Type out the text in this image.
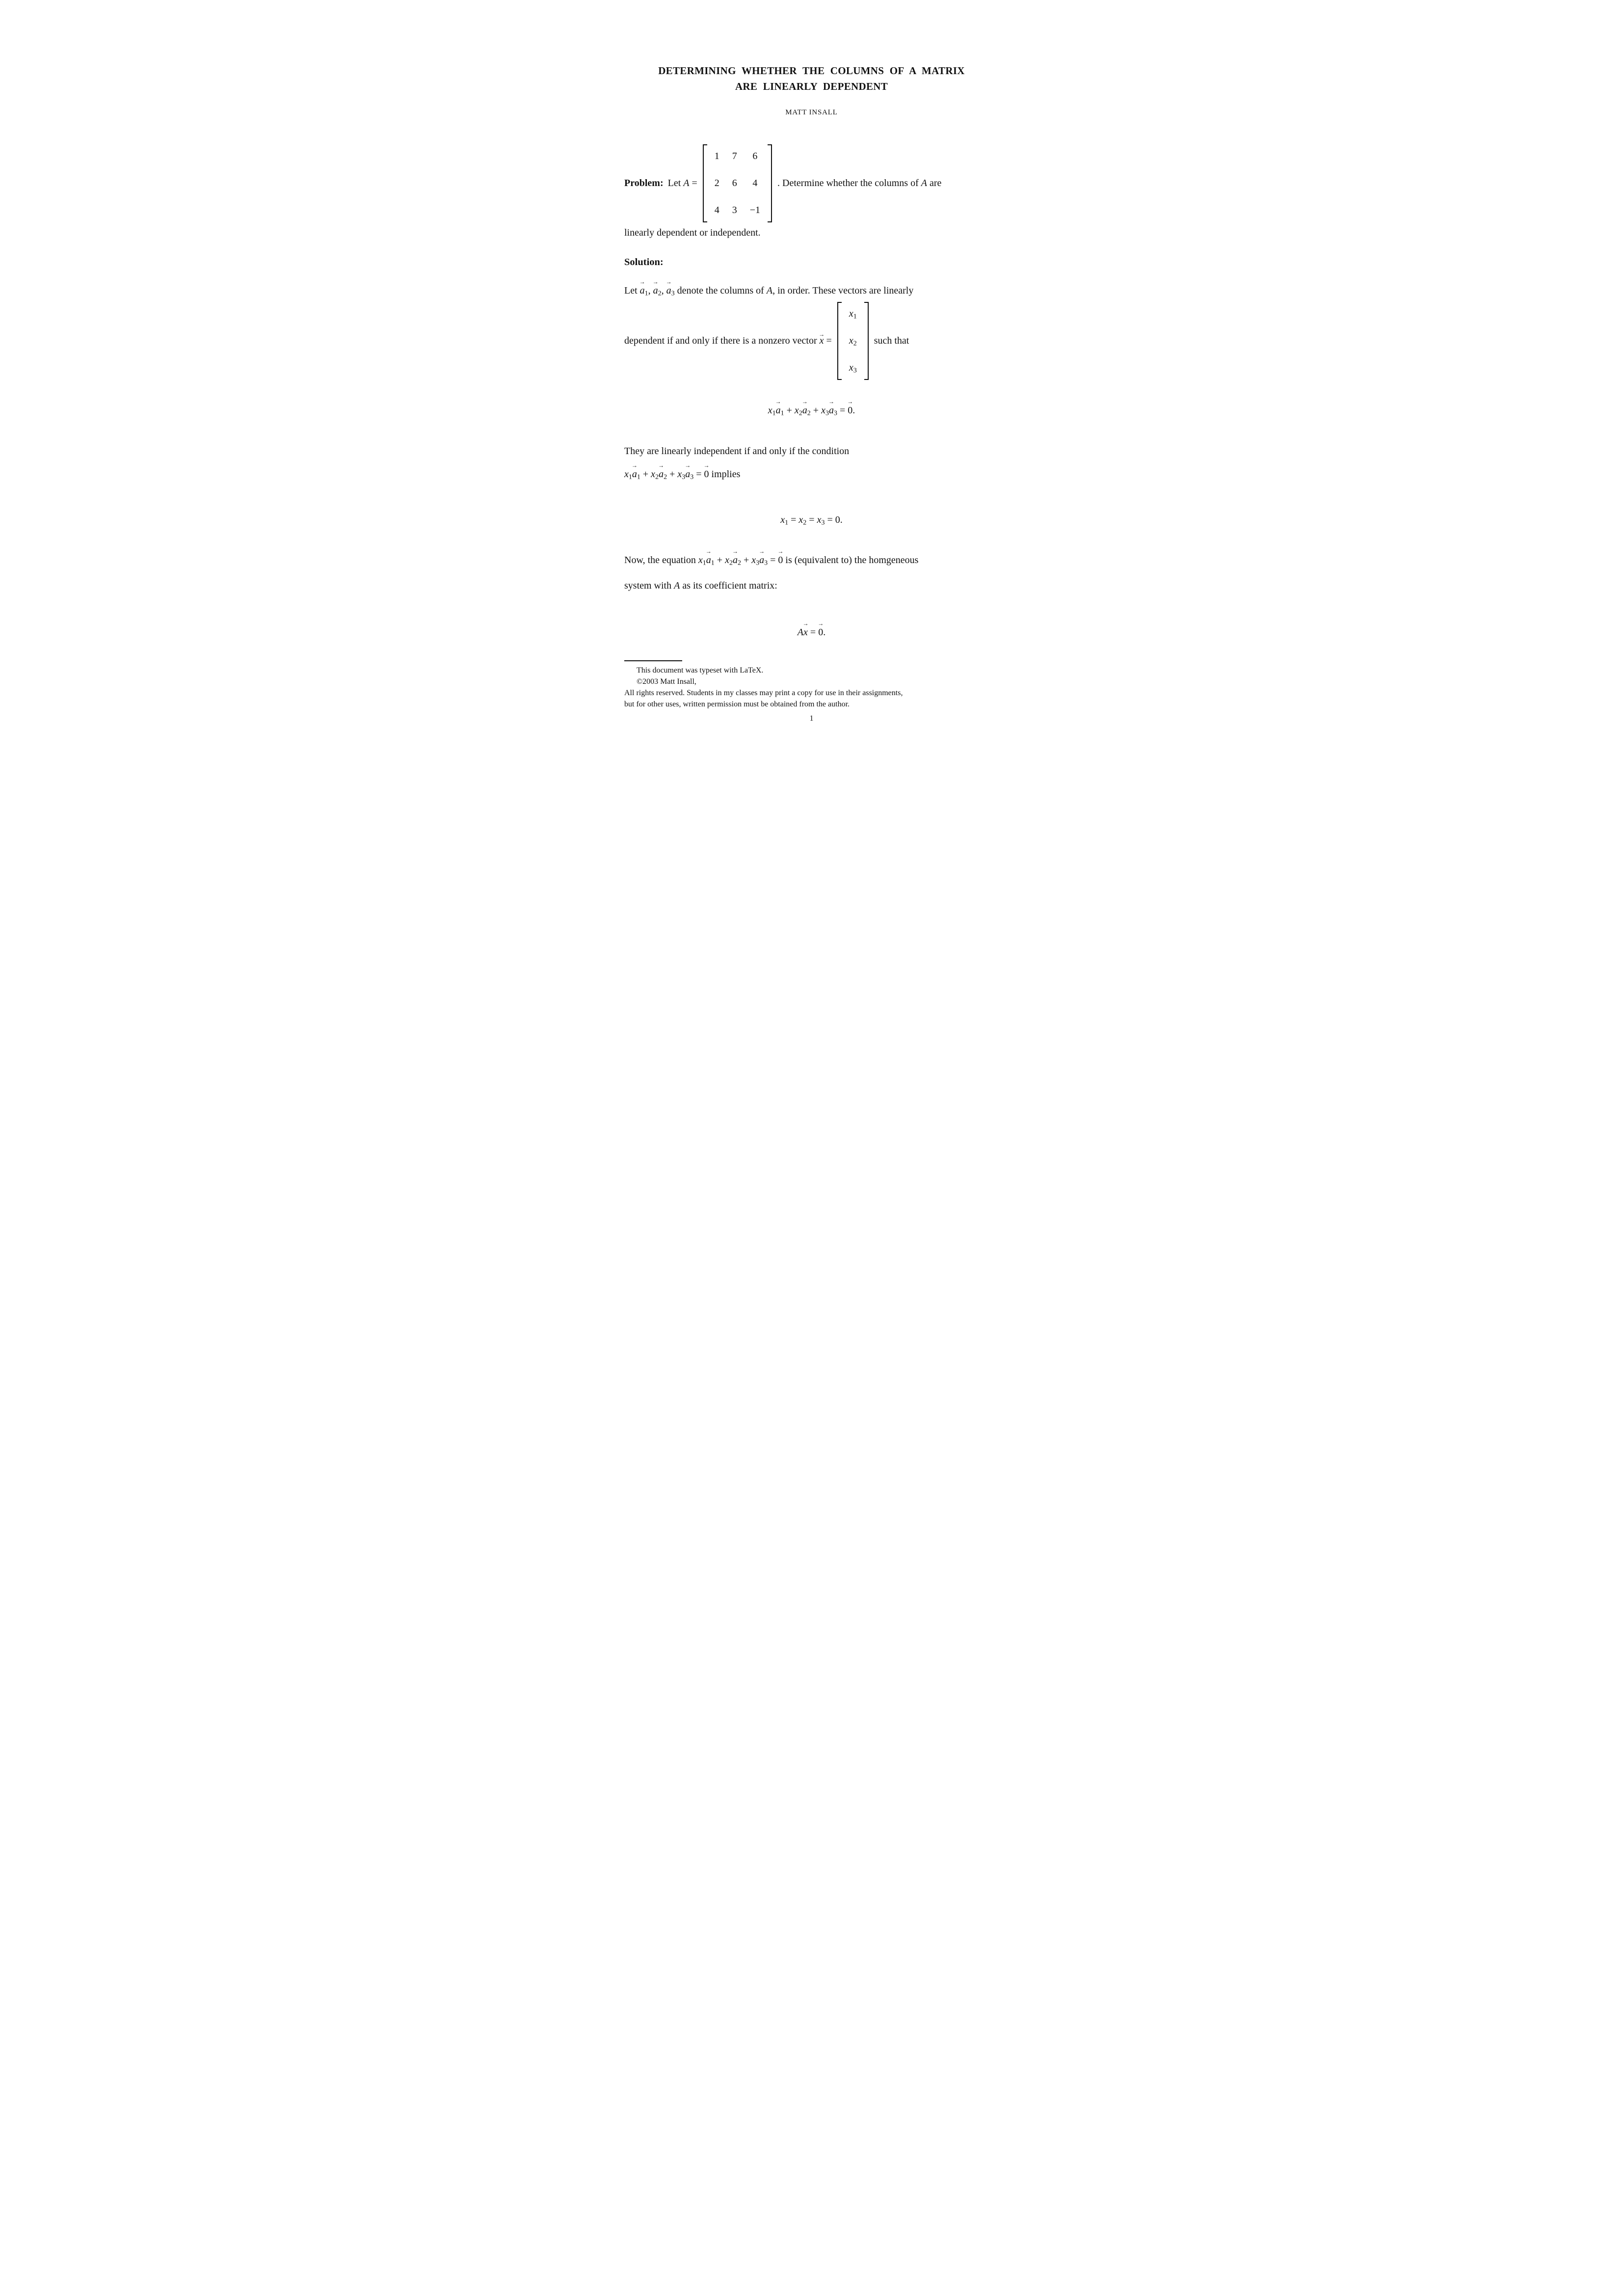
DETERMINING WHETHER THE COLUMNS OF A MATRIX
ARE LINEARLY DEPENDENT
MATT INSALL
Problem: Let A =
1 7 6
2 6 4
4 3 −1
. Determine whether the columns of A are
linearly dependent or independent.
Solution:
Let a
→
$_1$, a
→
$_2$, a
→
$_3$ denote the columns of A, in order. These vectors are linearly
dependent if and only if there is a nonzero vector x
→
=
$x_1$
$x_2$
$x_3$
such that
$x_1a$
→
$_1 + x_2a$
→
$_2 + x_3a$
→
$_3$ = 0
→
.
They are linearly independent if and only if the condition
$x_1a$
→
$_1 + x_2a$
→
$_2 + x_3a$
→
$_3$ = 0
→
implies
$x_1 = x_2 = x_3 = 0$.
Now, the equation $x_1a$
→
$_1 + x_2a$
→
$_2 + x_3a$
→
$_3$ = 0
→
is (equivalent to) the homgeneous
system with A as its coefficient matrix:
Ax
→
= 0
→
.
This document was typeset with LaTeX.
©2003 Matt Insall,
All rights reserved. Students in my classes may print a copy for use in their assignments,
but for other uses, written permission must be obtained from the author.
1
